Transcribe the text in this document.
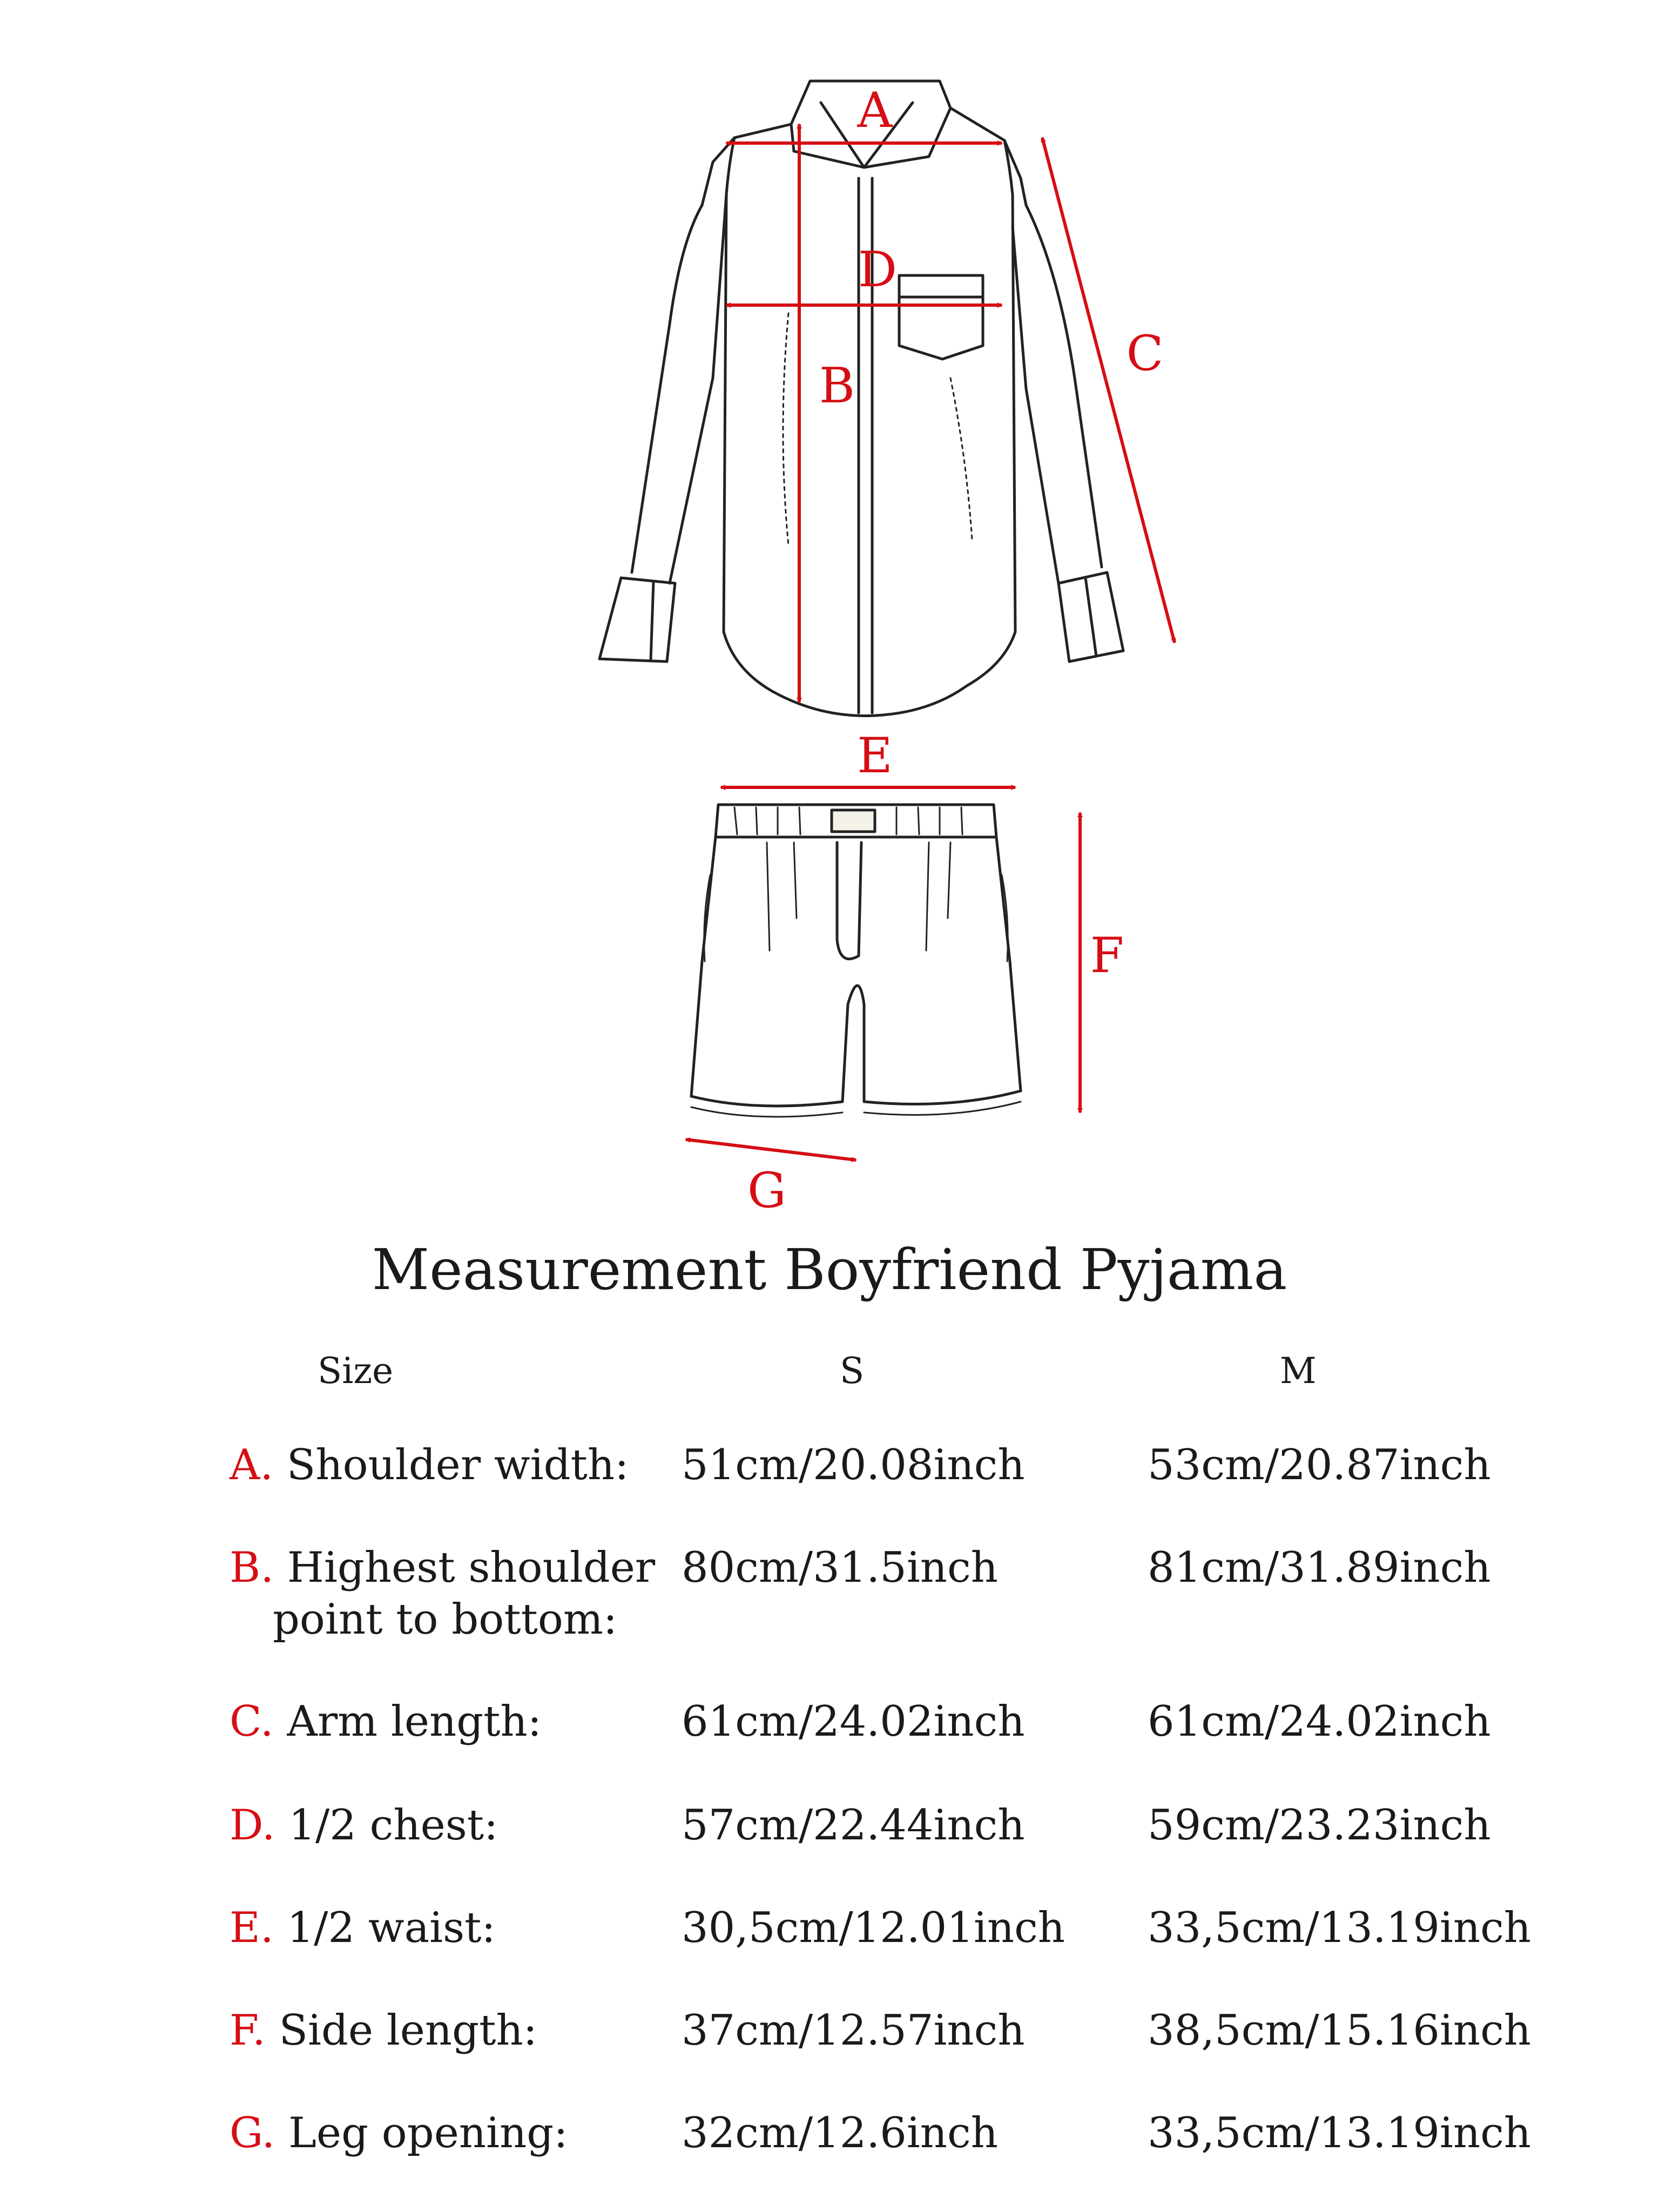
A
B
C
D
E
F
G
Measurement Boyfriend Pyjama
Size	S	M
A. Shoulder width: 51cm/20.08inch	53cm/20.87inch
B. Highest shoulder
point to bottom:
80cm/31.5inch	81cm/31.89inch
C. Arm length:	61cm/24.02inch	61cm/24.02inch
D. 1/2 chest:	57cm/22.44inch	59cm/23.23inch
E. 1/2 waist:	30,5cm/12.01inch 33,5cm/13.19inch
F. Side length:	37cm/12.57inch	38,5cm/15.16inch
G. Leg opening:	32cm/12.6inch	33,5cm/13.19inch
